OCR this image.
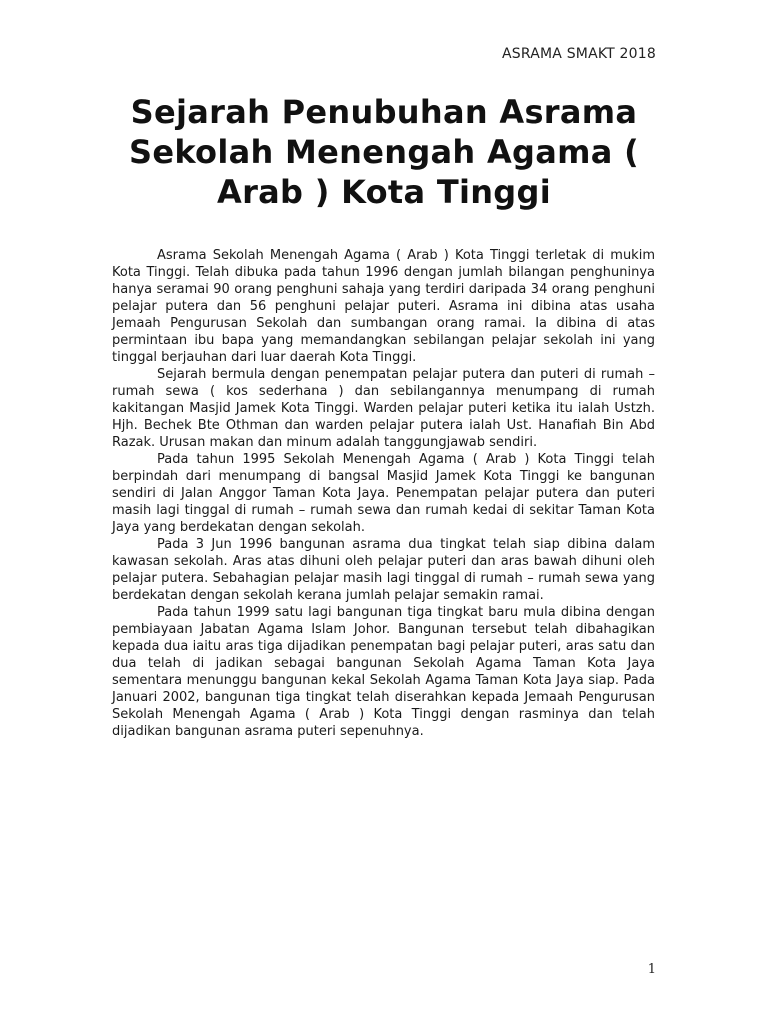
ASRAMA SMAKT 2018
Sejarah Penubuhan Asrama Sekolah Menengah Agama ( Arab ) Kota Tinggi

Asrama Sekolah Menengah Agama ( Arab ) Kota Tinggi terletak di mukim Kota Tinggi. Telah dibuka pada tahun 1996 dengan jumlah bilangan penghuninya hanya seramai 90 orang penghuni sahaja yang terdiri daripada 34 orang penghuni pelajar putera dan 56 penghuni pelajar puteri. Asrama ini dibina atas usaha Jemaah Pengurusan Sekolah dan sumbangan orang ramai. Ia dibina di atas permintaan ibu bapa yang memandangkan sebilangan pelajar sekolah ini yang tinggal berjauhan dari luar daerah Kota Tinggi.

Sejarah bermula dengan penempatan pelajar putera dan puteri di rumah – rumah sewa ( kos sederhana ) dan sebilangannya menumpang di rumah kakitangan Masjid Jamek Kota Tinggi. Warden pelajar puteri ketika itu ialah Ustzh. Hjh. Bechek Bte Othman dan warden pelajar putera ialah Ust. Hanafiah Bin Abd Razak. Urusan makan dan minum adalah tanggungjawab sendiri.

Pada tahun 1995 Sekolah Menengah Agama ( Arab ) Kota Tinggi telah berpindah dari menumpang di bangsal Masjid Jamek Kota Tinggi ke bangunan sendiri di Jalan Anggor Taman Kota Jaya. Penempatan pelajar putera dan puteri masih lagi tinggal di rumah – rumah sewa dan rumah kedai di sekitar Taman Kota Jaya yang berdekatan dengan sekolah.

Pada 3 Jun 1996 bangunan asrama dua tingkat telah siap dibina dalam kawasan sekolah. Aras atas dihuni oleh pelajar puteri dan aras bawah dihuni oleh pelajar putera. Sebahagian pelajar masih lagi tinggal di rumah – rumah sewa yang berdekatan dengan sekolah kerana jumlah pelajar semakin ramai.

Pada tahun 1999 satu lagi bangunan tiga tingkat baru mula dibina dengan pembiayaan Jabatan Agama Islam Johor. Bangunan tersebut telah dibahagikan kepada dua iaitu aras tiga dijadikan penempatan bagi pelajar puteri, aras satu dan dua telah di jadikan sebagai bangunan Sekolah Agama Taman Kota Jaya sementara menunggu bangunan kekal Sekolah Agama Taman Kota Jaya siap. Pada Januari 2002, bangunan tiga tingkat telah diserahkan kepada Jemaah Pengurusan Sekolah Menengah Agama ( Arab ) Kota Tinggi dengan rasminya dan telah dijadikan bangunan asrama puteri sepenuhnya.

1
